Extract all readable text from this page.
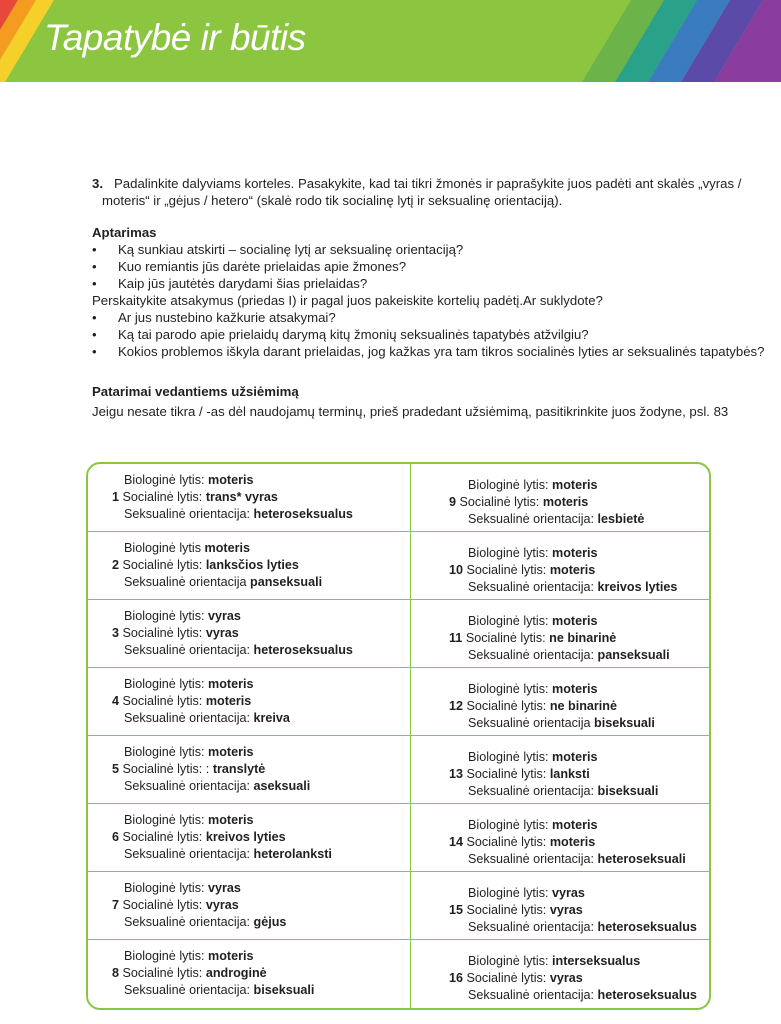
Tapatybė ir būtis
3. Padalinkite dalyviams korteles. Pasakykite, kad tai tikri žmonės ir paprašykite juos padėti ant skalės „vyras /

moteris“ ir „gėjus / hetero“ (skalė rodo tik socialinę lytį ir seksualinę orientaciją).

Aptarimas
• Ką sunkiau atskirti – socialinę lytį ar seksualinę orientaciją?
• Kuo remiantis jūs darėte prielaidas apie žmones?
• Kaip jūs jautėtės darydami šias prielaidas?

Perskaitykite atsakymus (priedas I) ir pagal juos pakeiskite kortelių padėtį.Ar suklydote?

• Ar jus nustebino kažkurie atsakymai?
• Ką tai parodo apie prielaidų darymą kitų žmonių seksualinės tapatybės atžvilgiu?
• Kokios problemos iškyla darant prielaidas, jog kažkas yra tam tikros socialinės lyties ar seksualinės tapatybės?
Patarimai vedantiems užsiėmimą

Jeigu nesate tikra / -as dėl naudojamų terminų, prieš pradedant užsiėmimą, pasitikrinkite juos žodyne, psl. 83

Biologinė lytis: moteris
1 Socialinė lytis: trans* vyras
Seksualinė orientacija: heteroseksualus
Biologinė lytis moteris
2 Socialinė lytis: lanksčios lyties
Seksualinė orientacija panseksuali
Biologinė lytis: vyras
3 Socialinė lytis: vyras
Seksualinė orientacija: heteroseksualus
Biologinė lytis: moteris
4 Socialinė lytis: moteris
Seksualinė orientacija: kreiva
Biologinė lytis: moteris
5 Socialinė lytis: : translytė
Seksualinė orientacija: aseksuali
Biologinė lytis: moteris
6 Socialinė lytis: kreivos lyties
Seksualinė orientacija: heterolanksti
Biologinė lytis: vyras
7 Socialinė lytis: vyras
Seksualinė orientacija: gėjus
Biologinė lytis: moteris
8 Socialinė lytis: androginė
Seksualinė orientacija: biseksuali
Biologinė lytis: moteris
9 Socialinė lytis: moteris
Seksualinė orientacija: lesbietė
Biologinė lytis: moteris
10 Socialinė lytis: moteris
Seksualinė orientacija: kreivos lyties
Biologinė lytis: moteris
11 Socialinė lytis: ne binarinė
Seksualinė orientacija: panseksuali
Biologinė lytis: moteris
12 Socialinė lytis: ne binarinė
Seksualinė orientacija biseksuali
Biologinė lytis: moteris
13 Socialinė lytis: lanksti
Seksualinė orientacija: biseksuali
Biologinė lytis: moteris
14 Socialinė lytis: moteris
Seksualinė orientacija: heteroseksuali
Biologinė lytis: vyras
15 Socialinė lytis: vyras
Seksualinė orientacija: heteroseksualus
Biologinė lytis: interseksualus
16 Socialinė lytis: vyras
Seksualinė orientacija: heteroseksualus
